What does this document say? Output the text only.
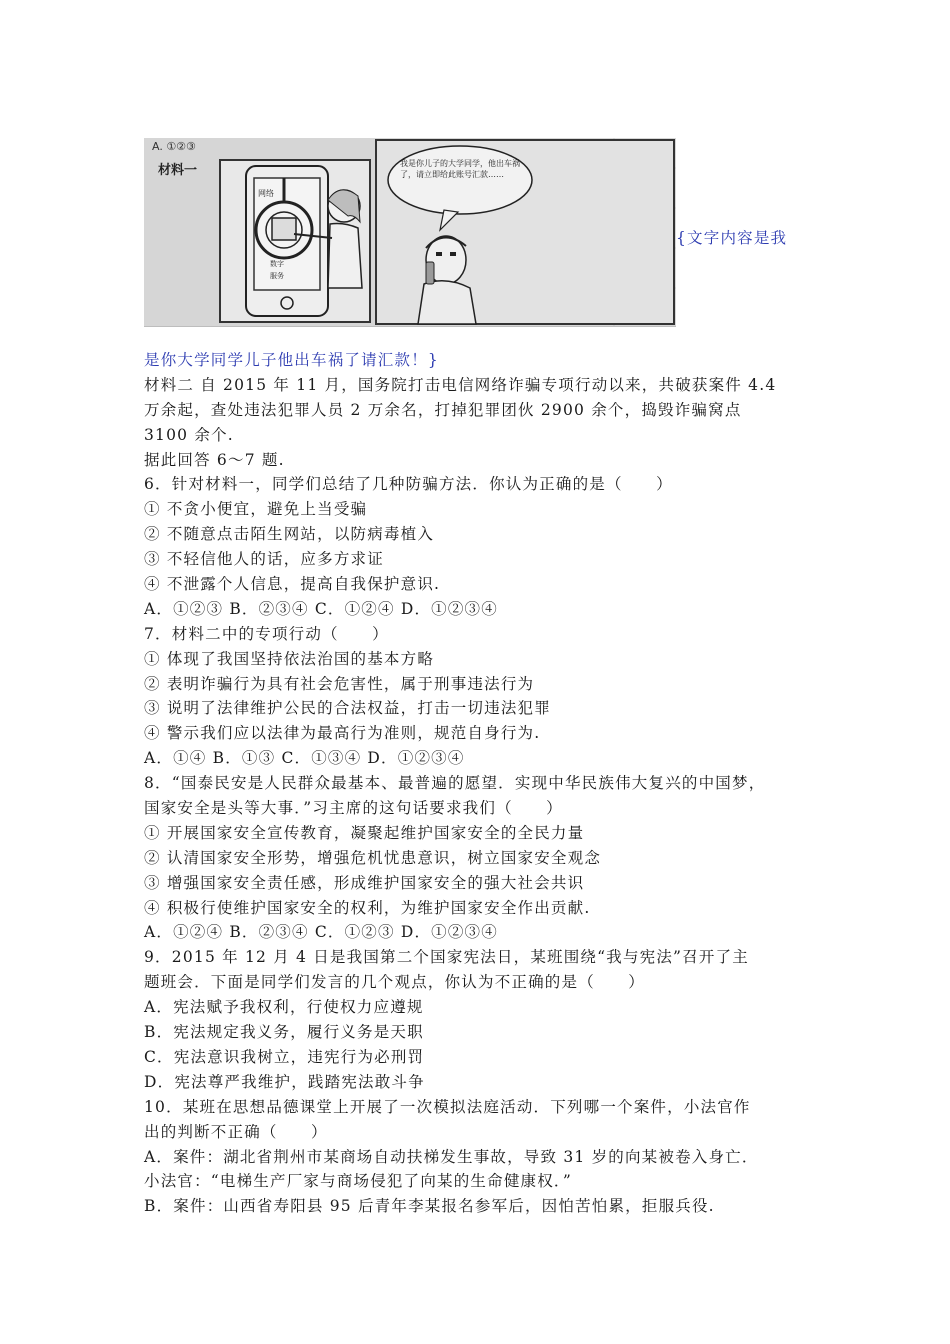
A. ①②③
材料一
网络
数字
服务
我是你儿子的大学同学，他出车祸了，请立即给此账号汇款……
{文字内容是我
是你大学同学儿子他出车祸了请汇款！}
材料二 自 2015 年 11 月，国务院打击电信网络诈骗专项行动以来，共破获案件 4.4
万余起，查处违法犯罪人员 2 万余名，打掉犯罪团伙 2900 余个，捣毁诈骗窝点
3100 余个.
据此回答 6～7 题.
6．针对材料一，同学们总结了几种防骗方法．你认为正确的是（　　）
① 不贪小便宜，避免上当受骗
② 不随意点击陌生网站，以防病毒植入
③ 不轻信他人的话，应多方求证
④ 不泄露个人信息，提高自我保护意识.
A．①②③ B．②③④ C．①②④ D．①②③④
7．材料二中的专项行动（　　）
① 体现了我国坚持依法治国的基本方略
② 表明诈骗行为具有社会危害性，属于刑事违法行为
③ 说明了法律维护公民的合法权益，打击一切违法犯罪
④ 警示我们应以法律为最高行为准则，规范自身行为.
A．①④ B．①③ C．①③④ D．①②③④
8．“国泰民安是人民群众最基本、最普遍的愿望．实现中华民族伟大复兴的中国梦，
国家安全是头等大事．”习主席的这句话要求我们（　　）
① 开展国家安全宣传教育，凝聚起维护国家安全的全民力量
② 认清国家安全形势，增强危机忧患意识，树立国家安全观念
③ 增强国家安全责任感，形成维护国家安全的强大社会共识
④ 积极行使维护国家安全的权利，为维护国家安全作出贡献.
A．①②④ B．②③④ C．①②③ D．①②③④
9．2015 年 12 月 4 日是我国第二个国家宪法日，某班围绕“我与宪法”召开了主
题班会．下面是同学们发言的几个观点，你认为不正确的是（　　）
A．宪法赋予我权利，行使权力应遵规
B．宪法规定我义务，履行义务是天职
C．宪法意识我树立，违宪行为必刑罚
D．宪法尊严我维护，践踏宪法敢斗争
10．某班在思想品德课堂上开展了一次模拟法庭活动．下列哪一个案件，小法官作
出的判断不正确（　　）
A．案件：湖北省荆州市某商场自动扶梯发生事故，导致 31 岁的向某被卷入身亡．
小法官：“电梯生产厂家与商场侵犯了向某的生命健康权．”
B．案件：山西省寿阳县 95 后青年李某报名参军后，因怕苦怕累，拒服兵役.
